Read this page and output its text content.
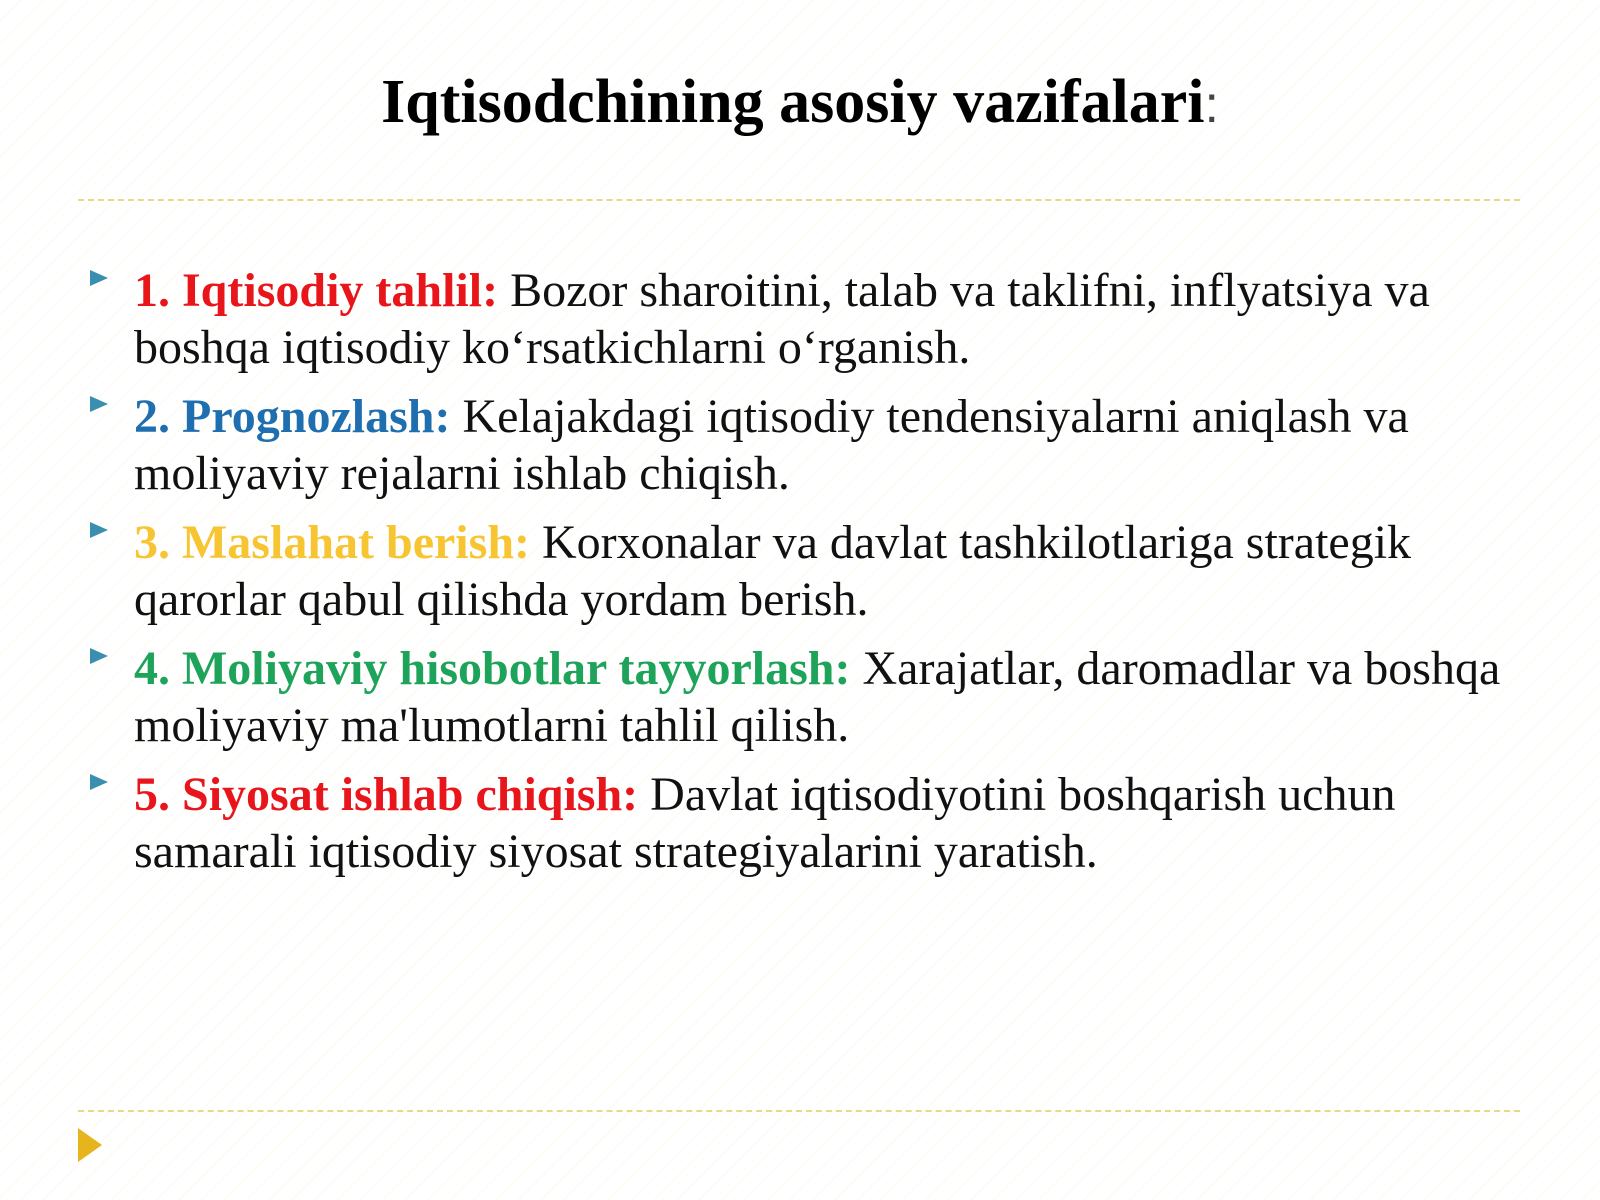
Iqtisodchining asosiy vazifalari:
1. Iqtisodiy tahlil: Bozor sharoitini, talab va taklifni, inflyatsiya va boshqa iqtisodiy ko‘rsatkichlarni o‘rganish.
2. Prognozlash: Kelajakdagi iqtisodiy tendensiyalarni aniqlash va moliyaviy rejalarni ishlab chiqish.
3. Maslahat berish: Korxonalar va davlat tashkilotlariga strategik qarorlar qabul qilishda yordam berish.
4. Moliyaviy hisobotlar tayyorlash: Xarajatlar, daromadlar va boshqa moliyaviy ma'lumotlarni tahlil qilish.
5. Siyosat ishlab chiqish: Davlat iqtisodiyotini boshqarish uchun samarali iqtisodiy siyosat strategiyalarini yaratish.
